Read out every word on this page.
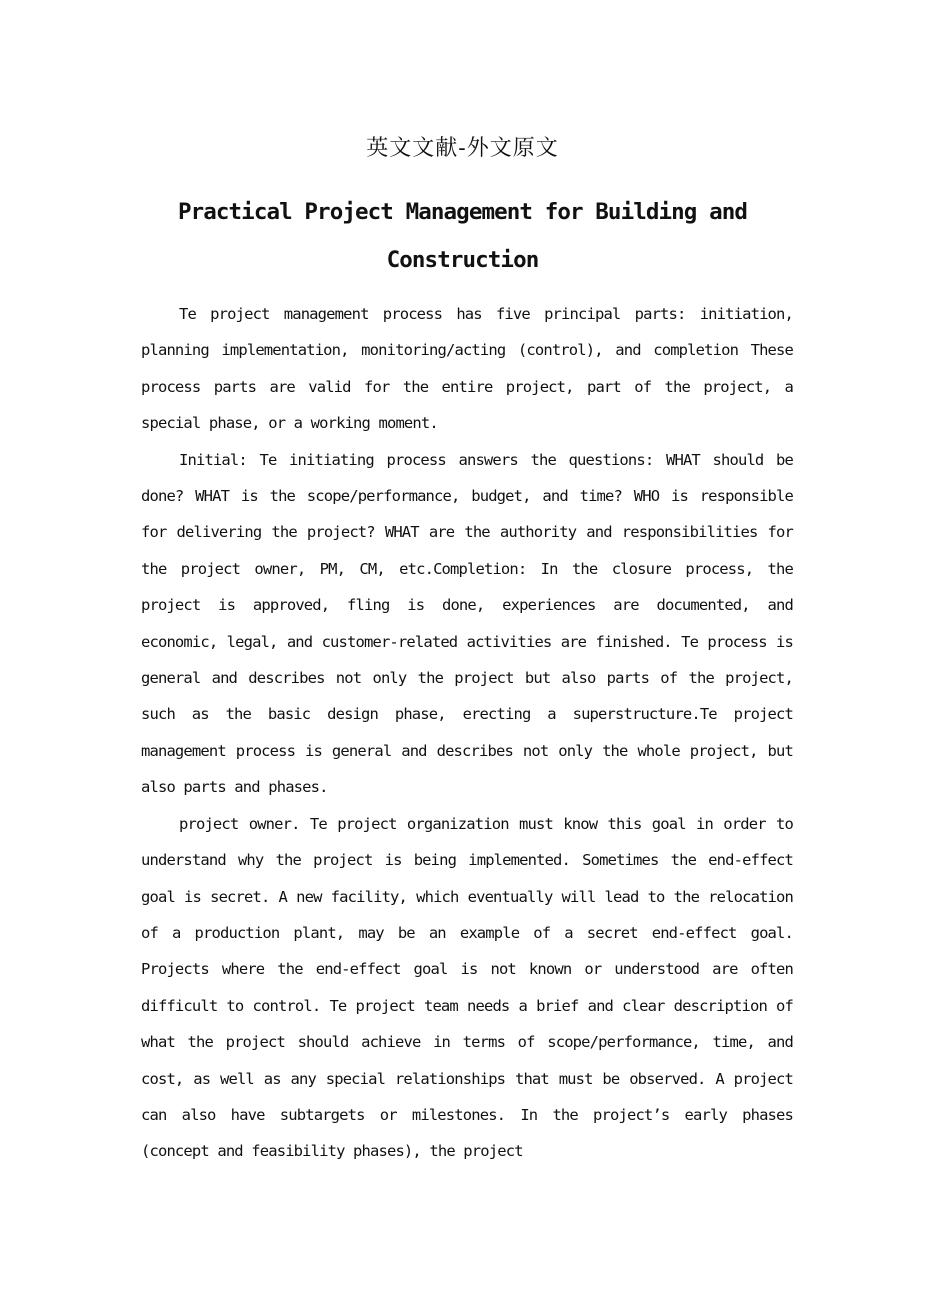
英文文献-外文原文
Practical Project Management for Building and Construction

Te project management process has five principal parts: initiation, planning implementation, monitoring/acting (control), and completion These process parts are valid for the entire project, part of the project, a special phase, or a working moment.

Initial: Te initiating process answers the questions: WHAT should be done? WHAT is the scope/performance, budget, and time? WHO is responsible for delivering the project? WHAT are the authority and responsibilities for the project owner, PM, CM, etc.Completion: In the closure process, the project is approved, fling is done, experiences are documented, and economic, legal, and customer-related activities are finished. Te process is general and describes not only the project but also parts of the project, such as the basic design phase, erecting a superstructure.Te project management process is general and describes not only the whole project, but also parts and phases.

project owner. Te project organization must know this goal in order to understand why the project is being implemented. Sometimes the end-effect goal is secret. A new facility, which eventually will lead to the relocation of a production plant, may be an example of a secret end-effect goal. Projects where the end-effect goal is not known or understood are often difficult to control. Te project team needs a brief and clear description of what the project should achieve in terms of scope/performance, time, and cost, as well as any special relationships that must be observed. A project can also have subtargets or milestones. In the project’s early phases (concept and feasibility phases), the project
